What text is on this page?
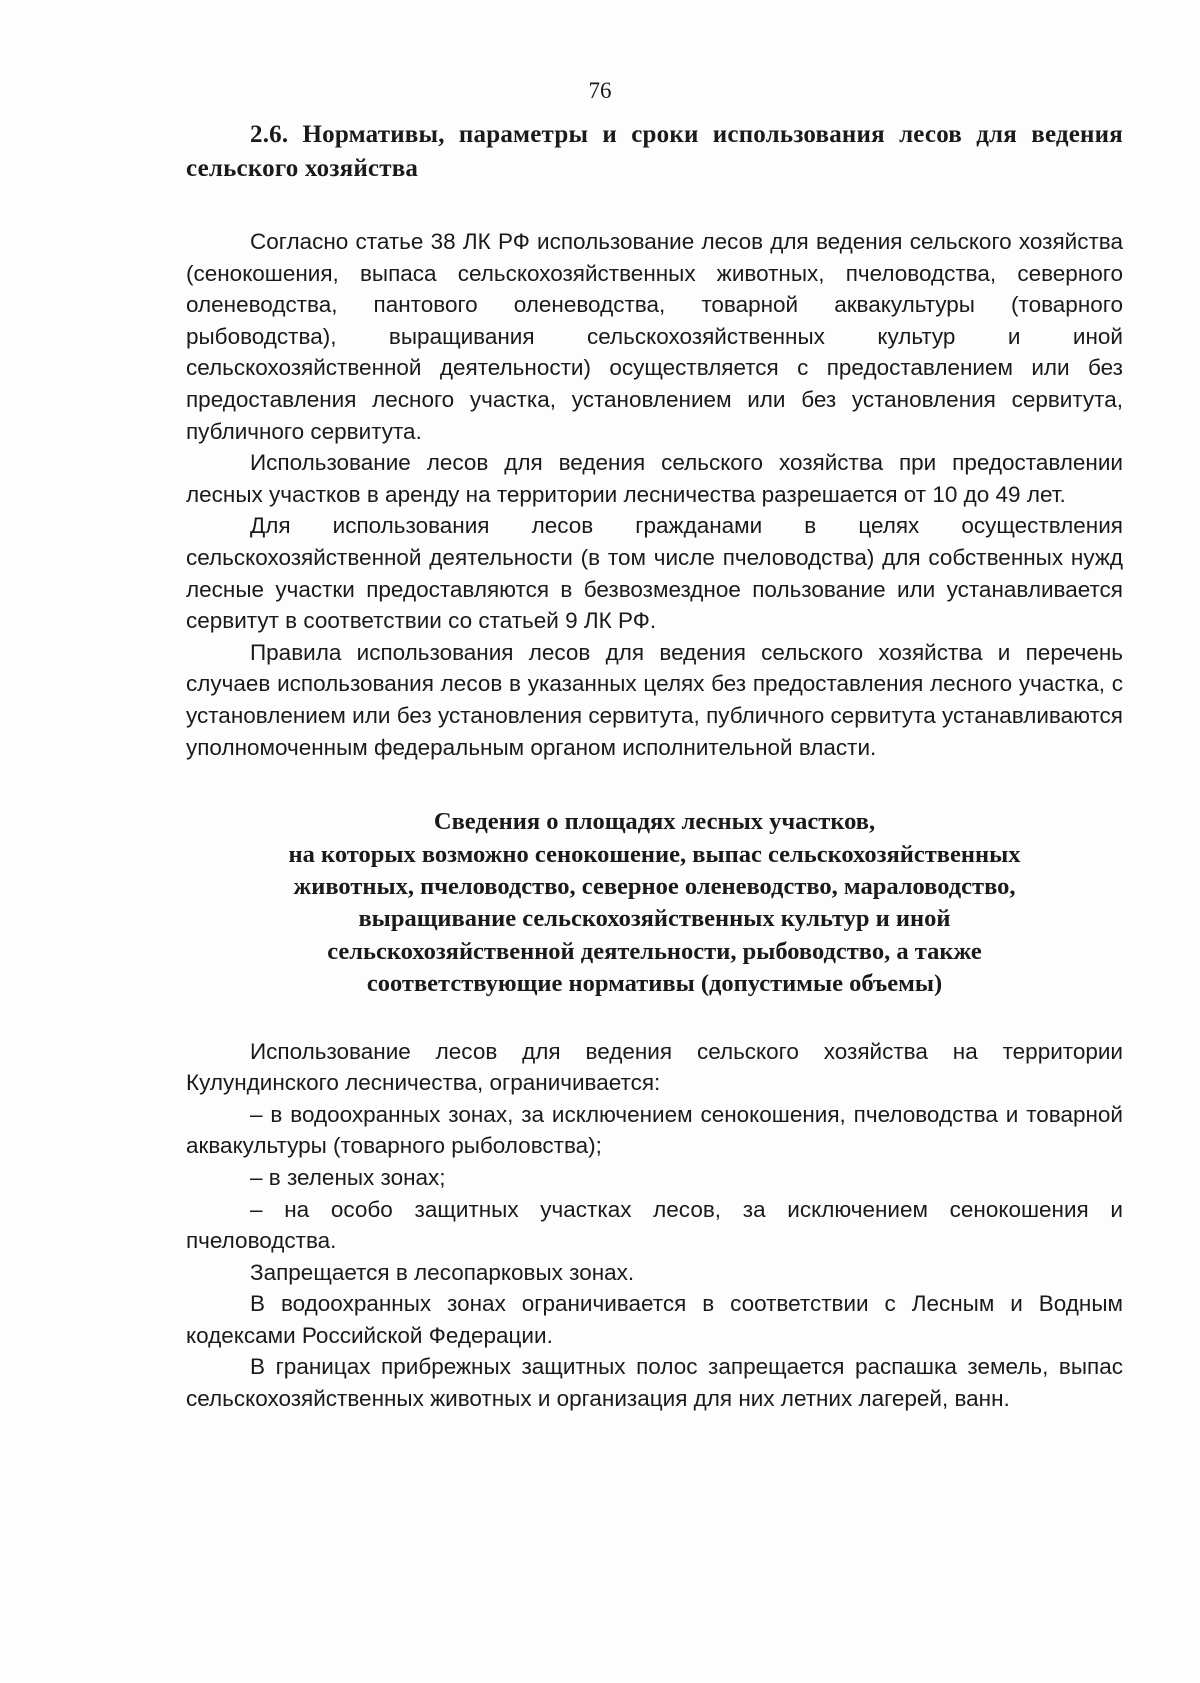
76
2.6. Нормативы, параметры и сроки использования лесов для ведения сельского хозяйства

Согласно статье 38 ЛК РФ использование лесов для ведения сельского хозяйства (сенокошения, выпаса сельскохозяйственных животных, пчеловодства, северного оленеводства, пантового оленеводства, товарной аквакультуры (товарного рыбоводства), выращивания сельскохозяйственных культур и иной сельскохозяйственной деятельности) осуществляется с предоставлением или без предоставления лесного участка, установлением или без установления сервитута, публичного сервитута.

Использование лесов для ведения сельского хозяйства при предоставлении лесных участков в аренду на территории лесничества разрешается от 10 до 49 лет.

Для использования лесов гражданами в целях осуществления сельскохозяйственной деятельности (в том числе пчеловодства) для собственных нужд лесные участки предоставляются в безвозмездное пользование или устанавливается сервитут в соответствии со статьей 9 ЛК РФ.

Правила использования лесов для ведения сельского хозяйства и перечень случаев использования лесов в указанных целях без предоставления лесного участка, с установлением или без установления сервитута, публичного сервитута устанавливаются уполномоченным федеральным органом исполнительной власти.

Сведения о площадях лесных участков,
на которых возможно сенокошение, выпас сельскохозяйственных
животных, пчеловодство, северное оленеводство, мараловодство,
выращивание сельскохозяйственных культур и иной
сельскохозяйственной деятельности, рыбоводство, а также
соответствующие нормативы (допустимые объемы)

Использование лесов для ведения сельского хозяйства на территории Кулундинского лесничества, ограничивается:

– в водоохранных зонах, за исключением сенокошения, пчеловодства и товарной аквакультуры (товарного рыболовства);

– в зеленых зонах;

– на особо защитных участках лесов, за исключением сенокошения и пчеловодства.

Запрещается в лесопарковых зонах.

В водоохранных зонах ограничивается в соответствии с Лесным и Водным кодексами Российской Федерации.

В границах прибрежных защитных полос запрещается распашка земель, выпас сельскохозяйственных животных и организация для них летних лагерей, ванн.
